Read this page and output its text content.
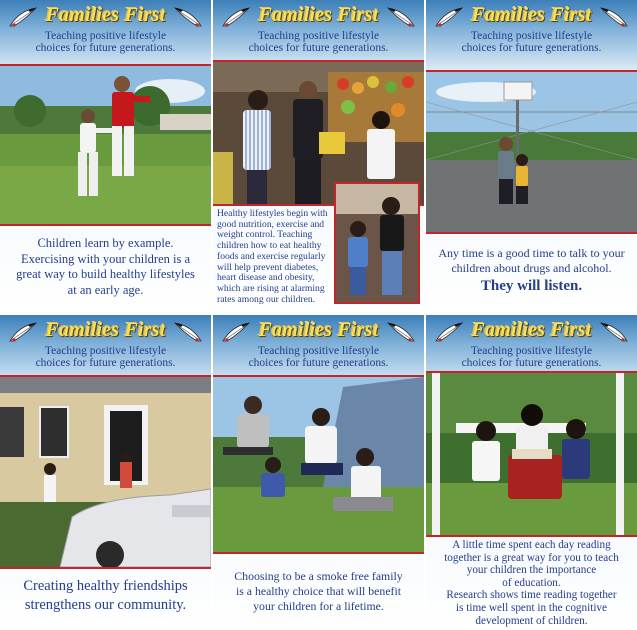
Families First
Teaching positive lifestyle
choices for future generations.
Children learn by example.
Exercising with your children is a
great way to build healthy lifestyles
at an early age.
Families First
Teaching positive lifestyle
choices for future generations.
Healthy lifestyles begin with
good nutrition, exercise and
weight control. Teaching
children how to eat healthy
foods and exercise regularly
will help prevent diabetes,
heart disease and obesity,
which are rising at alarming
rates among our children.
Families First
Teaching positive lifestyle
choices for future generations.
Any time is a good time to talk to your
children about drugs and alcohol.
They will listen.
Families First
Teaching positive lifestyle
choices for future generations.
Creating healthy friendships
strengthens our community.
Families First
Teaching positive lifestyle
choices for future generations.
Choosing to be a smoke free family
is a healthy choice that will benefit
your children for a lifetime.
Families First
Teaching positive lifestyle
choices for future generations.
A little time spent each day reading
together is a great way for you to teach
your children the importance
of education.
Research shows time reading together
is time well spent in the cognitive
development of children.
